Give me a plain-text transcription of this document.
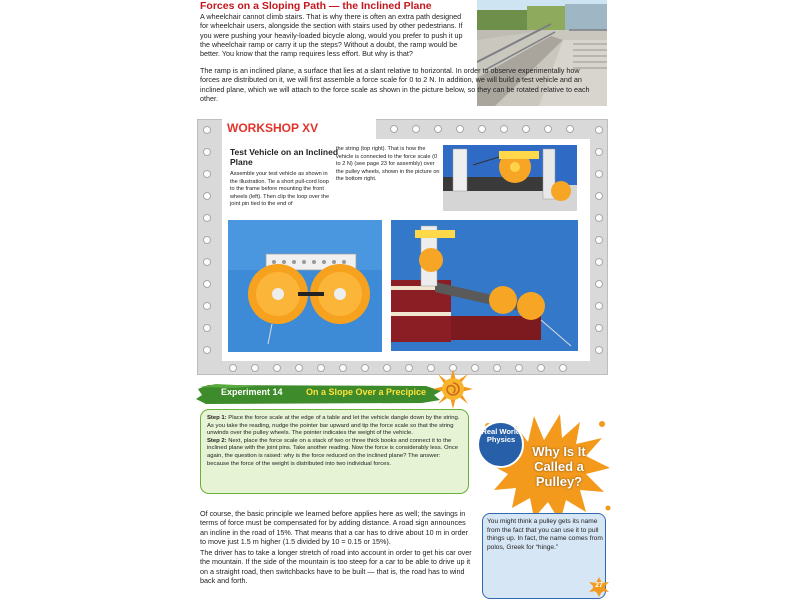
Forces on a Sloping Path — the Inclined Plane
A wheelchair cannot climb stairs. That is why there is often an extra path designed for wheelchair users, alongside the section with stairs used by other pedestrians. If you were pushing your heavily-loaded bicycle along, would you prefer to push it up the wheelchair ramp or carry it up the steps? Without a doubt, the ramp would be better. You know that the ramp requires less effort. But why is that?
The ramp is an inclined plane, a surface that lies at a slant relative to horizontal. In order to observe experimentally how forces are distributed on it, we will first assemble a force scale for 0 to 2 N. In addition, we will build a test vehicle and an inclined plane, which we will attach to the force scale as shown in the picture below, so they can be rotated relative to each other.
WORKSHOP XV
Test Vehicle on an Inclined Plane
Assemble your test vehicle as shown in the illustration. Tie a short pull-cord loop to the frame before mounting the front wheels (left). Then clip the loop over the joint pin tied to the end of
the string (top right). That is how the vehicle is connected to the force scale (0 to 2 N) (see page 23 for assembly) over the pulley wheels, shown in the picture on the bottom right.
Experiment 14	On a Slope Over a Precipice
Step 1: Place the force scale at the edge of a table and let the vehicle dangle down by the string. As you take the reading, nudge the pointer bar upward and tip the force scale so that the string unwinds over the pulley wheels. The pointer indicates the weight of the vehicle.
Step 2: Next, place the force scale on a stack of two or three thick books and connect it to the inclined plane with the joint pins. Take another reading. Now the force is considerably less. Once again, the question is raised: why is the force reduced on the inclined plane? The answer: because the force of the weight is distributed into two individual forces.
Of course, the basic principle we learned before applies here as well; the savings in terms of force must be compensated for by adding distance. A road sign announces an incline in the road of 15%. That means that a car has to drive about 10 m in order to move just 1.5 m higher (1.5 divided by 10 = 0.15 or 15%).
The driver has to take a longer stretch of road into account in order to get his car over the mountain. If the side of the mountain is too steep for a car to be able to drive up it on a straight road, then switchbacks have to be built — that is, the road has to wind back and forth.
Real World Physics
Why Is It Called a Pulley?
You might think a pulley gets its name from the fact that you can use it to pull things up. In fact, the name comes from polos, Greek for “hinge.”
27
